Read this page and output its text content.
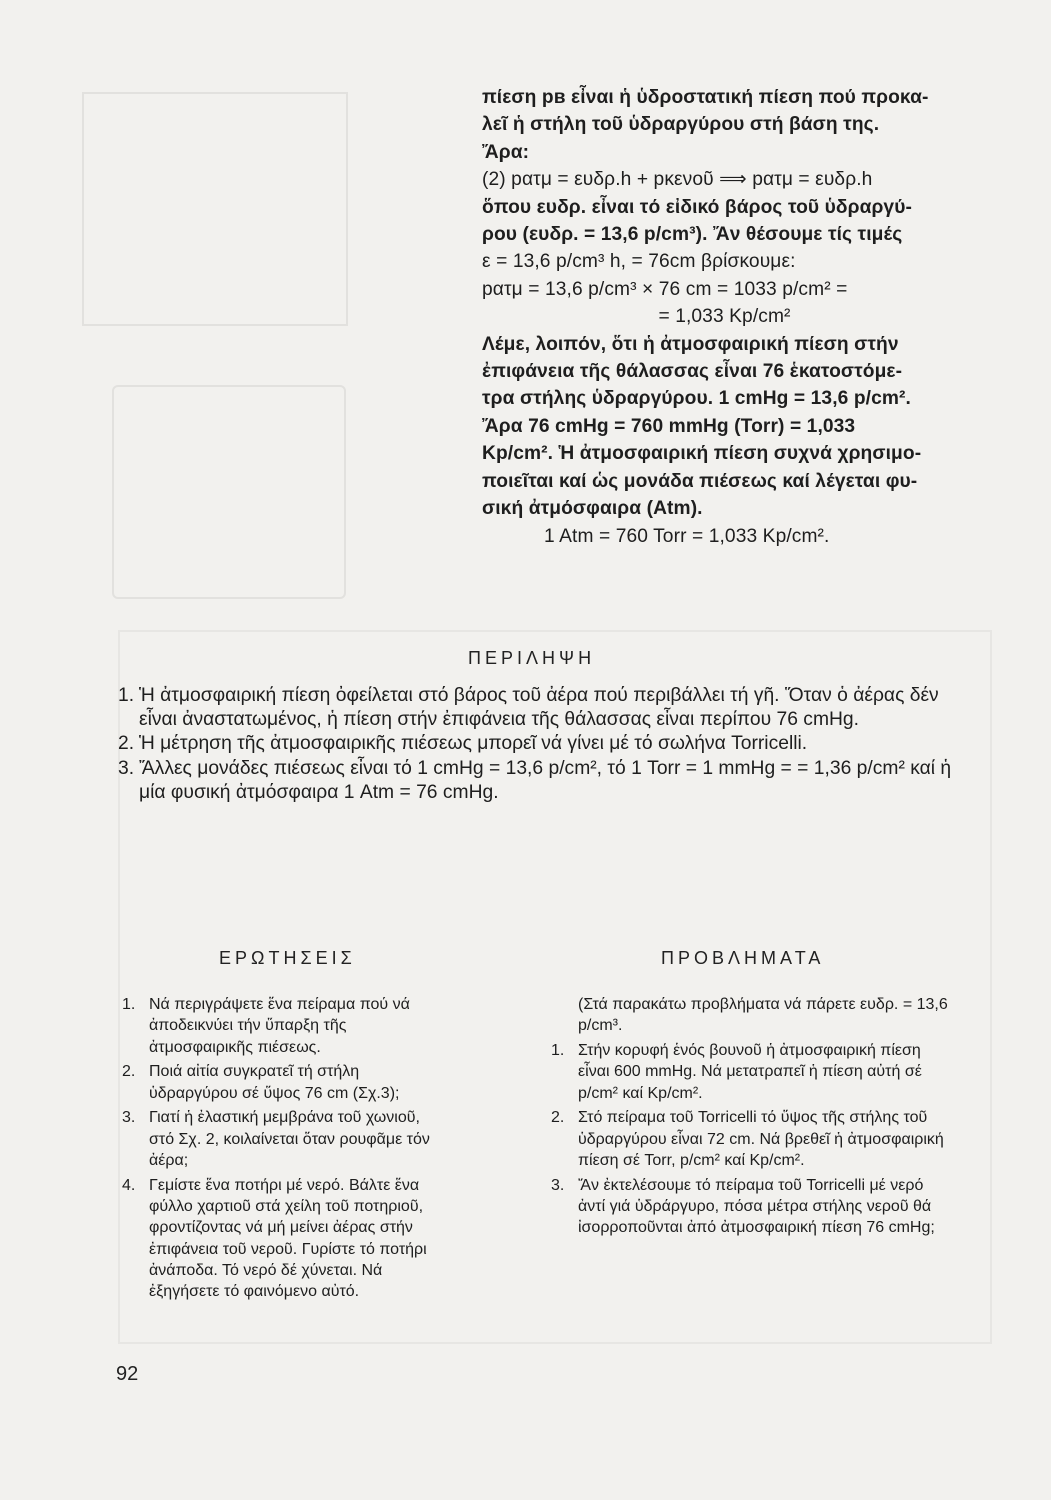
πίεση pв εἶναι ἡ ὑδροστατική πίεση πού προκα-

λεῖ ἡ στήλη τοῦ ὑδραργύρου στή βάση της.

Ἄρα:

(2) pατμ = ευδρ.h + pκενοῦ ⟹ pατμ = ευδρ.h

ὅπου ευδρ. εἶναι τό εἰδικό βάρος τοῦ ὑδραργύ-

ρου (ευδρ. = 13,6 p/cm³). Ἄν θέσουμε τίς τιμές

ε = 13,6 p/cm³ h, = 76cm βρίσκουμε:

pατμ = 13,6 p/cm³ × 76 cm = 1033 p/cm² =

= 1,033 Kp/cm²

Λέμε, λοιπόν, ὅτι ἡ ἀτμοσφαιρική πίεση στήν

ἐπιφάνεια τῆς θάλασσας εἶναι 76 ἑκατοστόμε-

τρα στήλης ὑδραργύρου. 1 cmHg = 13,6 p/cm².

Ἄρα 76 cmHg = 760 mmHg (Torr) = 1,033

Kp/cm². Ἡ ἀτμοσφαιρική πίεση συχνά χρησιμο-

ποιεῖται καί ὡς μονάδα πιέσεως καί λέγεται φυ-

σική ἀτμόσφαιρα (Atm).

1 Atm = 760 Torr = 1,033 Kp/cm².

ΠΕΡΙΛΗΨΗ
1. Ἡ ἀτμοσφαιρική πίεση ὀφείλεται στό βάρος τοῦ ἀέρα πού περιβάλλει τή γῆ. Ὅταν ὁ ἀέρας δέν εἶναι ἀναστατωμένος, ἡ πίεση στήν ἐπιφάνεια τῆς θάλασσας εἶναι περίπου 76 cmHg.
2. Ἡ μέτρηση τῆς ἀτμοσφαιρικῆς πιέσεως μπορεῖ νά γίνει μέ τό σωλήνα Torricelli.
3. Ἄλλες μονάδες πιέσεως εἶναι τό 1 cmHg = 13,6 p/cm², τό 1 Torr = 1 mmHg = = 1,36 p/cm² καί ἡ μία φυσική ἀτμόσφαιρα 1 Atm = 76 cmHg.
ΕΡΩΤΗΣΕΙΣ
1. Νά περιγράψετε ἕνα πείραμα πού νά ἀποδεικνύει τήν ὕπαρξη τῆς ἀτμοσφαιρικῆς πιέσεως.
2. Ποιά αἰτία συγκρατεῖ τή στήλη ὑδραργύρου σέ ὕψος 76 cm (Σχ.3);
3. Γιατί ἡ ἐλαστική μεμβράνα τοῦ χωνιοῦ, στό Σχ. 2, κοιλαίνεται ὅταν ρουφᾶμε τόν ἀέρα;
4. Γεμίστε ἕνα ποτήρι μέ νερό. Βάλτε ἕνα φύλλο χαρτιοῦ στά χείλη τοῦ ποτηριοῦ, φροντίζοντας νά μή μείνει ἀέρας στήν ἐπιφάνεια τοῦ νεροῦ. Γυρίστε τό ποτήρι ἀνάποδα. Τό νερό δέ χύνεται. Νά ἐξηγήσετε τό φαινόμενο αὐτό.
ΠΡΟΒΛΗΜΑΤΑ
(Στά παρακάτω προβλήματα νά πάρετε ευδρ. = 13,6 p/cm³.
1. Στήν κορυφή ἑνός βουνοῦ ἡ ἀτμοσφαιρική πίεση εἶναι 600 mmHg. Νά μετατραπεῖ ἡ πίεση αὐτή σέ p/cm² καί Kp/cm².
2. Στό πείραμα τοῦ Torricelli τό ὕψος τῆς στήλης τοῦ ὑδραργύρου εἶναι 72 cm. Νά βρεθεῖ ἡ ἀτμοσφαιρική πίεση σέ Torr, p/cm² καί Kp/cm².
3. Ἄν ἐκτελέσουμε τό πείραμα τοῦ Torricelli μέ νερό ἀντί γιά ὑδράργυρο, πόσα μέτρα στήλης νεροῦ θά ἰσορροποῦνται ἀπό ἀτμοσφαιρική πίεση 76 cmHg;
92
